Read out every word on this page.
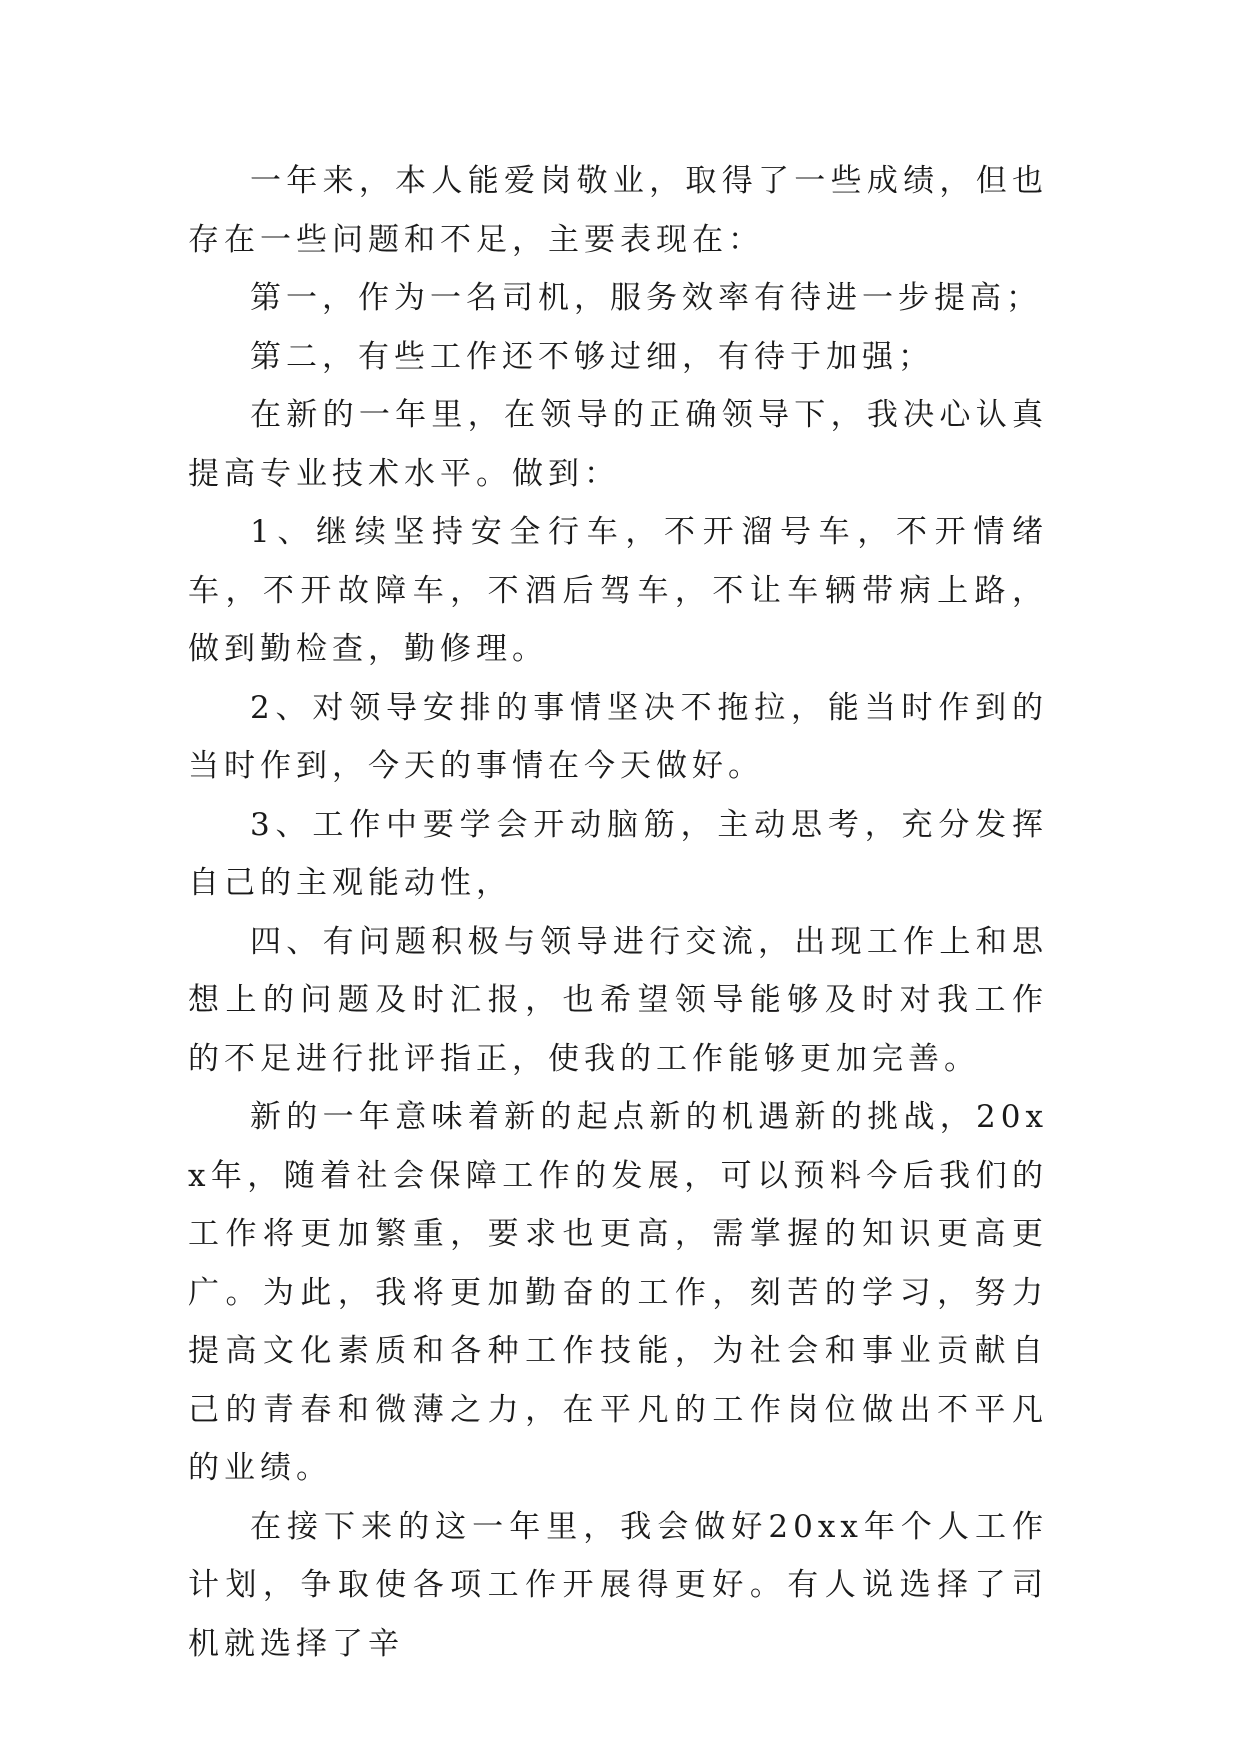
一年来，本人能爱岗敬业，取得了一些成绩，但也存在一些问题和不足，主要表现在：

第一，作为一名司机，服务效率有待进一步提高；

第二，有些工作还不够过细，有待于加强；

在新的一年里，在领导的正确领导下，我决心认真提高专业技术水平。做到：

1、继续坚持安全行车，不开溜号车，不开情绪车，不开故障车，不酒后驾车，不让车辆带病上路，做到勤检查，勤修理。

2、对领导安排的事情坚决不拖拉，能当时作到的当时作到，今天的事情在今天做好。

3、工作中要学会开动脑筋，主动思考，充分发挥自己的主观能动性，

四、有问题积极与领导进行交流，出现工作上和思想上的问题及时汇报，也希望领导能够及时对我工作的不足进行批评指正，使我的工作能够更加完善。

新的一年意味着新的起点新的机遇新的挑战，20xx年，随着社会保障工作的发展，可以预料今后我们的工作将更加繁重，要求也更高，需掌握的知识更高更广。为此，我将更加勤奋的工作，刻苦的学习，努力提高文化素质和各种工作技能，为社会和事业贡献自己的青春和微薄之力，在平凡的工作岗位做出不平凡的业绩。

在接下来的这一年里，我会做好20xx年个人工作计划，争取使各项工作开展得更好。有人说选择了司机就选择了辛
